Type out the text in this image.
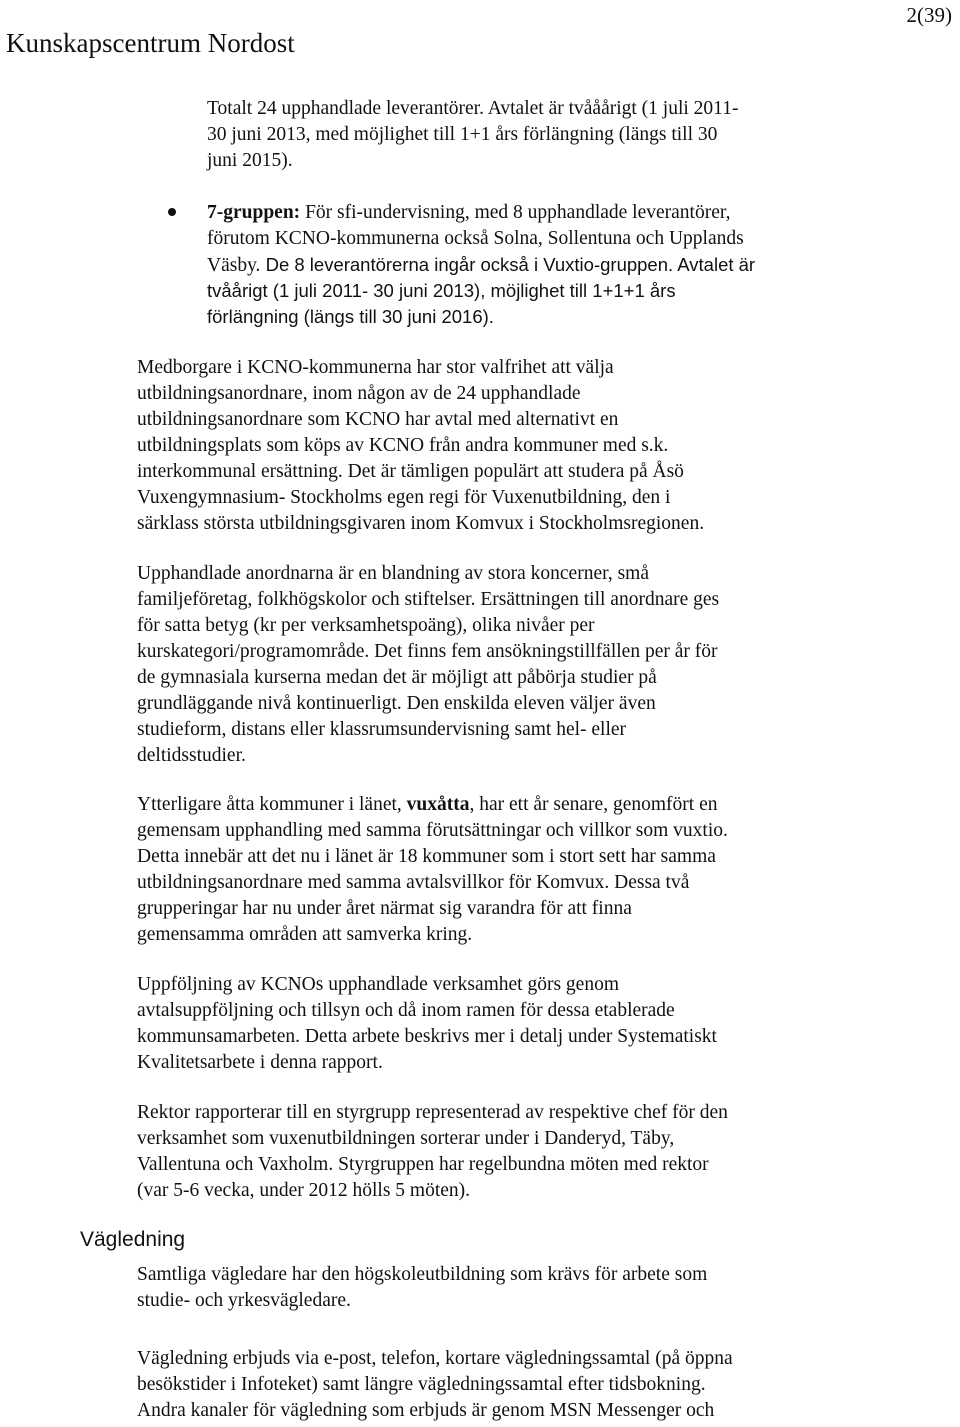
Kunskapscentrum Nordost
2(39)
Totalt 24 upphandlade leverantörer. Avtalet är tvååårigt (1 juli 2011-
30 juni 2013, med möjlighet till 1+1 års förlängning (längs till 30
juni 2015).
7-gruppen: För sfi-undervisning, med 8 upphandlade leverantörer,
förutom KCNO-kommunerna också Solna, Sollentuna och Upplands
Väsby. De 8 leverantörerna ingår också i Vuxtio-gruppen. Avtalet är
tvåårigt (1 juli 2011- 30 juni 2013), möjlighet till 1+1+1 års
förlängning (längs till 30 juni 2016).
Medborgare i KCNO-kommunerna har stor valfrihet att välja
utbildningsanordnare, inom någon av de 24 upphandlade
utbildningsanordnare som KCNO har avtal med alternativt en
utbildningsplats som köps av KCNO från andra kommuner med s.k.
interkommunal ersättning. Det är tämligen populärt att studera på Åsö
Vuxengymnasium- Stockholms egen regi för Vuxenutbildning, den i
särklass största utbildningsgivaren inom Komvux i Stockholmsregionen.
Upphandlade anordnarna är en blandning av stora koncerner, små
familjeföretag, folkhögskolor och stiftelser. Ersättningen till anordnare ges
för satta betyg (kr per verksamhetspoäng), olika nivåer per
kurskategori/programområde. Det finns fem ansökningstillfällen per år för
de gymnasiala kurserna medan det är möjligt att påbörja studier på
grundläggande nivå kontinuerligt. Den enskilda eleven väljer även
studieform, distans eller klassrumsundervisning samt hel- eller
deltidsstudier.
Ytterligare åtta kommuner i länet, vuxåtta, har ett år senare, genomfört en
gemensam upphandling med samma förutsättningar och villkor som vuxtio.
Detta innebär att det nu i länet är 18 kommuner som i stort sett har samma
utbildningsanordnare med samma avtalsvillkor för Komvux. Dessa två
grupperingar har nu under året närmat sig varandra för att finna
gemensamma områden att samverka kring.
Uppföljning av KCNOs upphandlade verksamhet görs genom
avtalsuppföljning och tillsyn och då inom ramen för dessa etablerade
kommunsamarbeten. Detta arbete beskrivs mer i detalj under Systematiskt
Kvalitetsarbete i denna rapport.
Rektor rapporterar till en styrgrupp representerad av respektive chef för den
verksamhet som vuxenutbildningen sorterar under i Danderyd, Täby,
Vallentuna och Vaxholm. Styrgruppen har regelbundna möten med rektor
(var 5-6 vecka, under 2012 hölls 5 möten).
Vägledning
Samtliga vägledare har den högskoleutbildning som krävs för arbete som
studie- och yrkesvägledare.
Vägledning erbjuds via e-post, telefon, kortare vägledningssamtal (på öppna
besökstider i Infoteket) samt längre vägledningssamtal efter tidsbokning.
Andra kanaler för vägledning som erbjuds är genom MSN Messenger och
